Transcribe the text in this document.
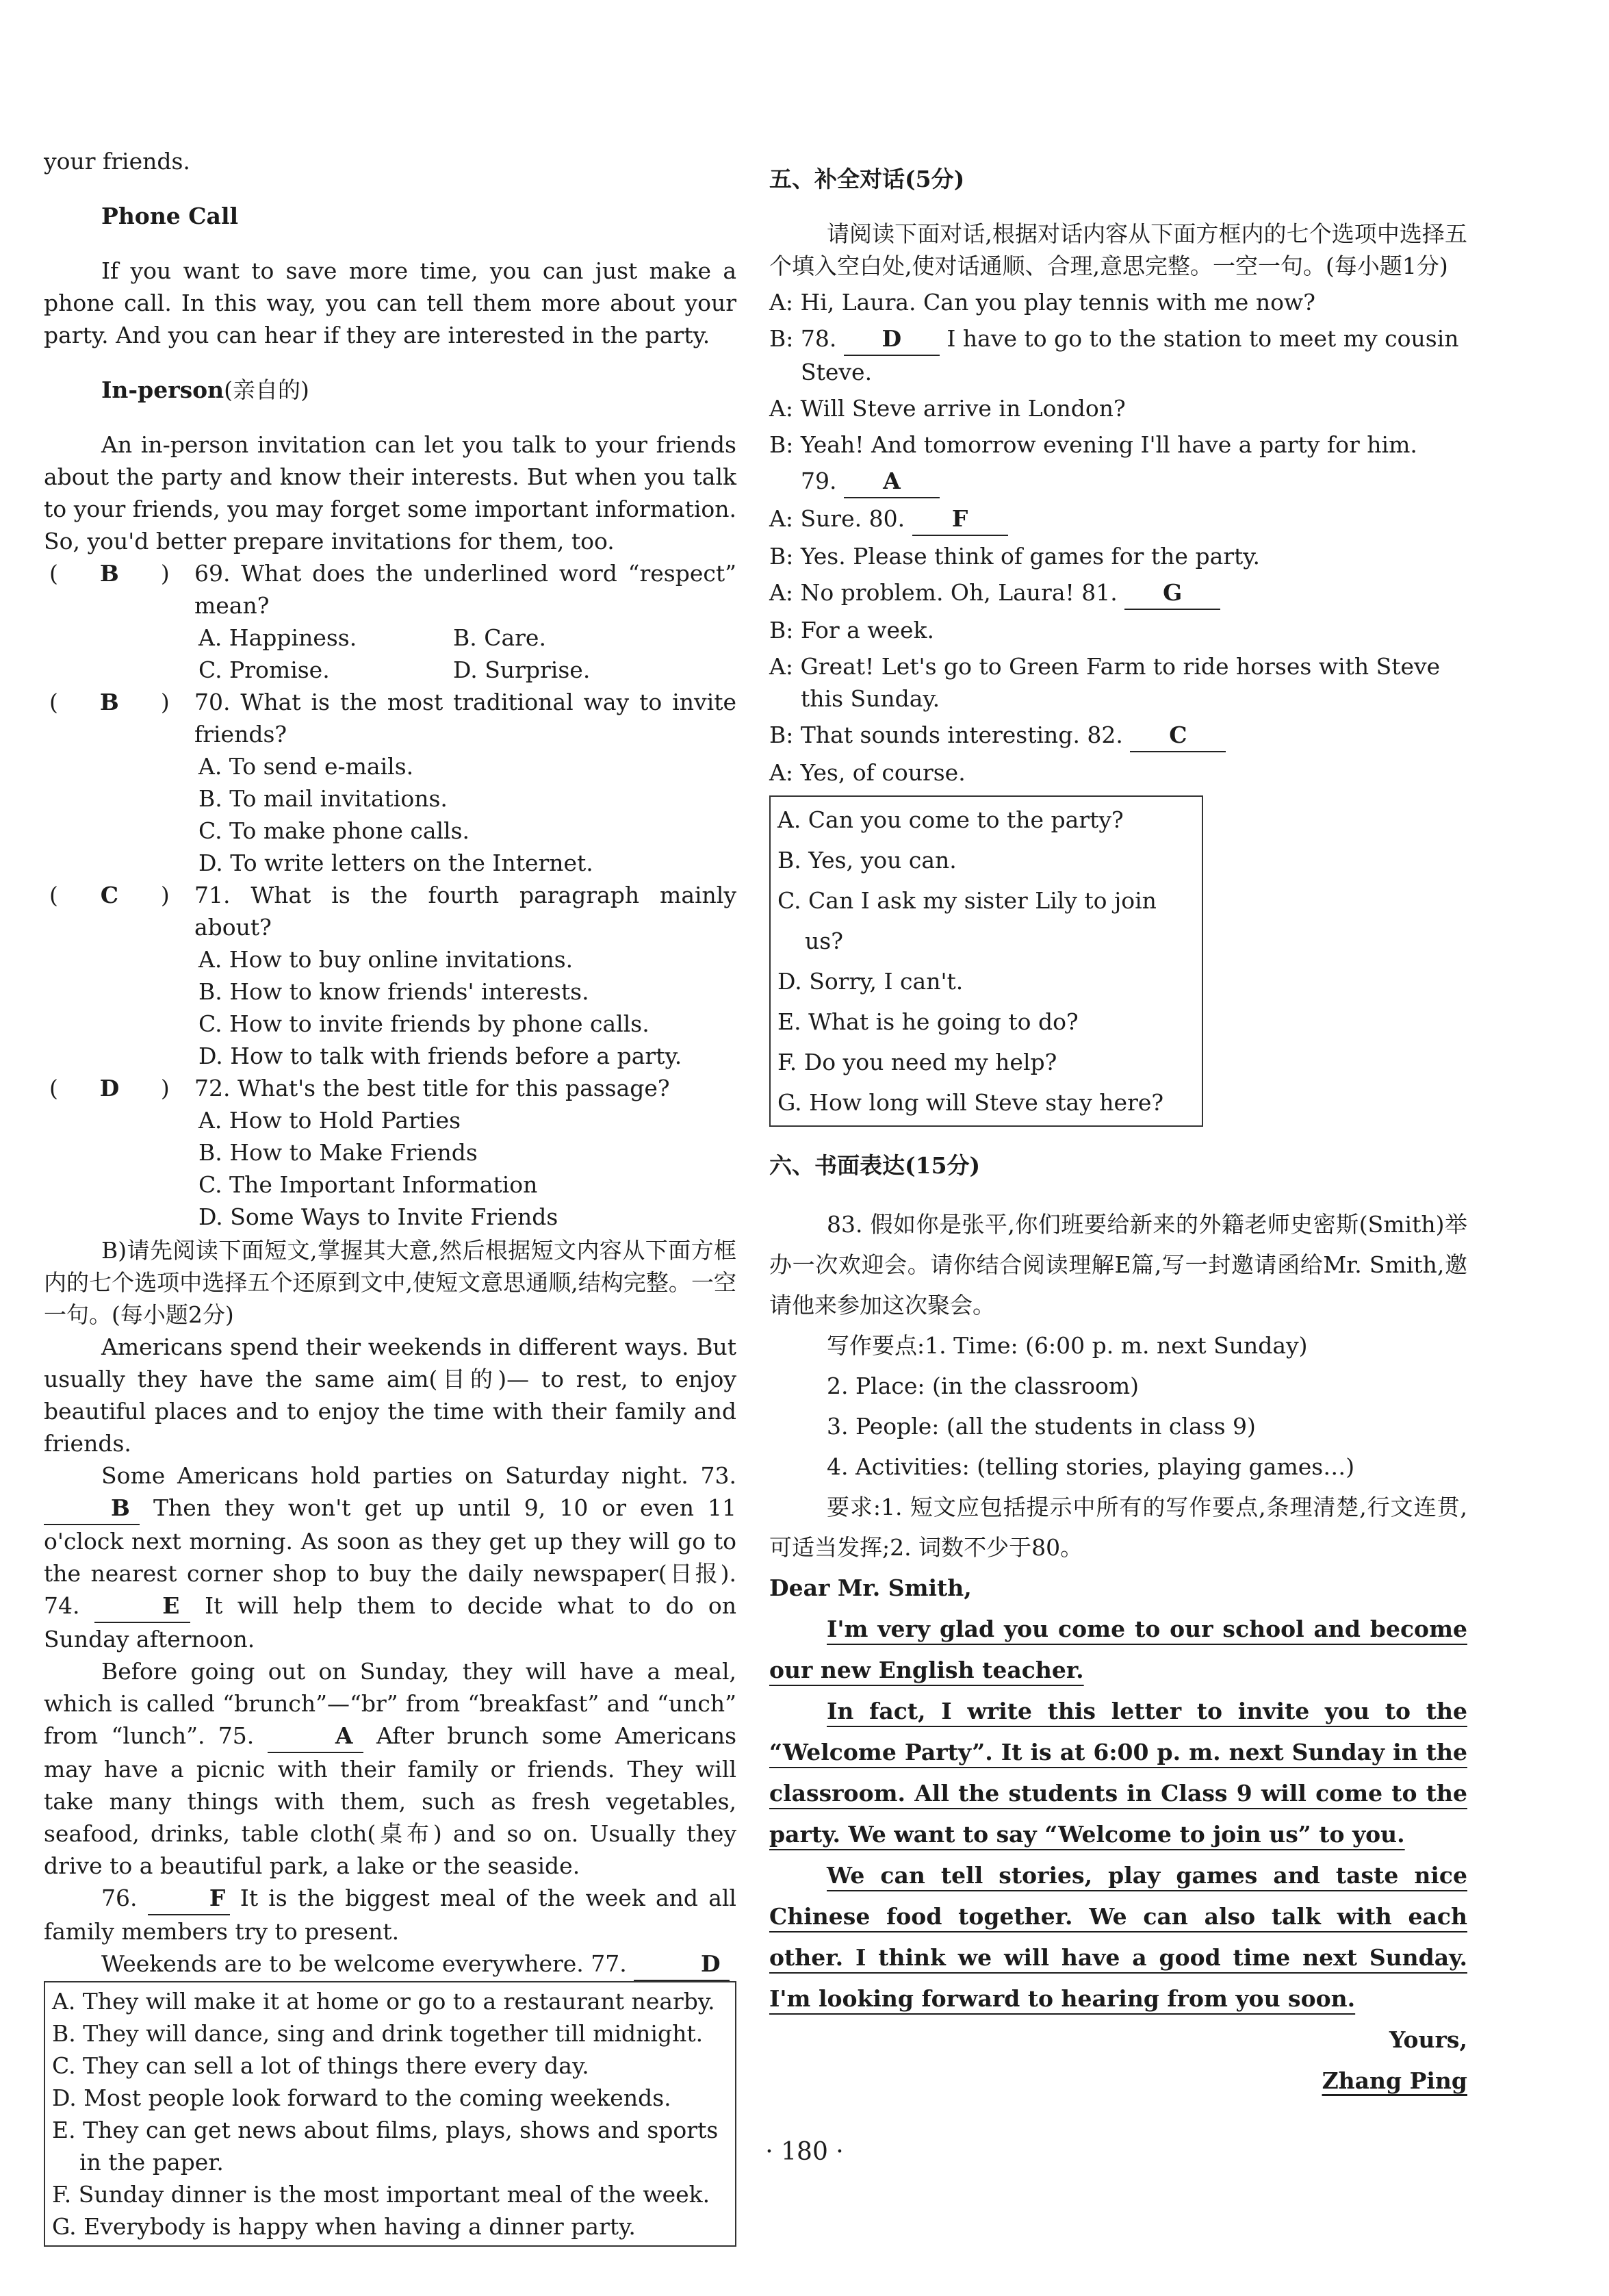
your friends.

Phone Call

If you want to save more time, you can just make a phone call. In this way, you can tell them more about your party. And you can hear if they are interested in the party.

In-person(亲自的)

An in-person invitation can let you talk to your friends about the party and know their interests. But when you talk to your friends, you may forget some important information. So, you'd better prepare invitations for them, too.

( B )	69. What does the underlined word “respect” mean?

A. Happiness.	B. Care.
C. Promise.	D. Surprise.

( B )	70. What is the most traditional way to invite friends?

A. To send e-mails.

B. To mail invitations.

C. To make phone calls.

D. To write letters on the Internet.

( C )	71. What is the fourth paragraph mainly about?

A. How to buy online invitations.

B. How to know friends' interests.

C. How to invite friends by phone calls.

D. How to talk with friends before a party.

( D )	72. What's the best title for this passage?

A. How to Hold Parties

B. How to Make Friends

C. The Important Information

D. Some Ways to Invite Friends

B)请先阅读下面短文,掌握其大意,然后根据短文内容从下面方框内的七个选项中选择五个还原到文中,使短文意思通顺,结构完整。一空一句。(每小题2分)

Americans spend their weekends in different ways. But usually they have the same aim(目的)— to rest, to enjoy beautiful places and to enjoy the time with their family and friends.

Some Americans hold parties on Saturday night. 73. B Then they won't get up until 9, 10 or even 11 o'clock next morning. As soon as they get up they will go to the nearest corner shop to buy the daily newspaper(日报). 74.	E It will help them to decide what to do on Sunday afternoon.

Before going out on Sunday, they will have a meal, which is called “brunch”—“br” from “breakfast” and “unch” from “lunch”. 75.	A After brunch some Americans may have a picnic with their family or friends. They will take many things with them, such as fresh vegetables, seafood, drinks, table cloth(桌布) and so on. Usually they drive to a beautiful park, a lake or the seaside.

76.	F It is the biggest meal of the week and all family members try to present.

Weekends are to be welcome everywhere. 77.	D

A. They will make it at home or go to a restaurant nearby.

B. They will dance, sing and drink together till midnight.

C. They can sell a lot of things there every day.

D. Most people look forward to the coming weekends.

E. They can get news about films, plays, shows and sports in the paper.

F. Sunday dinner is the most important meal of the week.

G. Everybody is happy when having a dinner party.

五、补全对话(5分)

请阅读下面对话,根据对话内容从下面方框内的七个选项中选择五个填入空白处,使对话通顺、合理,意思完整。一空一句。(每小题1分)

A: Hi, Laura. Can you play tennis with me now?
B: 78. D I have to go to the station to meet my cousin Steve.
A: Will Steve arrive in London?
B: Yeah! And tomorrow evening I'll have a party for him.
79. A
A: Sure. 80. F
B: Yes. Please think of games for the party.
A: No problem. Oh, Laura! 81. G
B: For a week.
A: Great! Let's go to Green Farm to ride horses with Steve this Sunday.
B: That sounds interesting. 82. C
A: Yes, of course.

A. Can you come to the party?

B. Yes, you can.

C. Can I ask my sister Lily to join us?

D. Sorry, I can't.

E. What is he going to do?

F. Do you need my help?

G. How long will Steve stay here?

六、书面表达(15分)

83. 假如你是张平,你们班要给新来的外籍老师史密斯(Smith)举办一次欢迎会。请你结合阅读理解E篇,写一封邀请函给Mr. Smith,邀请他来参加这次聚会。

写作要点:1. Time: (6:00 p. m. next Sunday)

2. Place: (in the classroom)

3. People: (all the students in class 9)

4. Activities: (telling stories, playing games…)

要求:1. 短文应包括提示中所有的写作要点,条理清楚,行文连贯,可适当发挥;2. 词数不少于80。

Dear Mr. Smith,

I'm very glad you come to our school and become our new English teacher.

In fact, I write this letter to invite you to the “Welcome Party”. It is at 6:00 p. m. next Sunday in the classroom. All the students in Class 9 will come to the party. We want to say “Welcome to join us” to you.

We can tell stories, play games and taste nice Chinese food together. We can also talk with each other. I think we will have a good time next Sunday. I'm looking forward to hearing from you soon.

Yours,

Zhang Ping

· 180 ·
